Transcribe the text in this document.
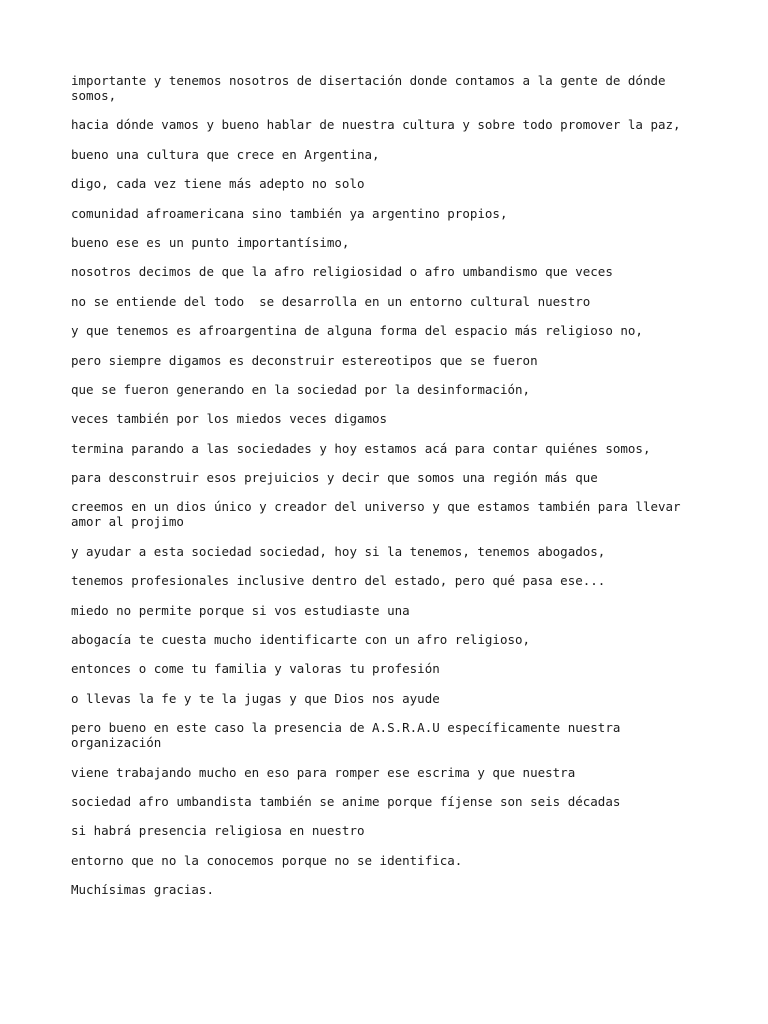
importante y tenemos nosotros de disertación donde contamos a la gente de dónde somos,

hacia dónde vamos y bueno hablar de nuestra cultura y sobre todo promover la paz,

bueno una cultura que crece en Argentina,

digo, cada vez tiene más adepto no solo

comunidad afroamericana sino también ya argentino propios,

bueno ese es un punto importantísimo,

nosotros decimos de que la afro religiosidad o afro umbandismo que veces

no se entiende del todo  se desarrolla en un entorno cultural nuestro

y que tenemos es afroargentina de alguna forma del espacio más religioso no,

pero siempre digamos es deconstruir estereotipos que se fueron

que se fueron generando en la sociedad por la desinformación,

veces también por los miedos veces digamos

termina parando a las sociedades y hoy estamos acá para contar quiénes somos,

para desconstruir esos prejuicios y decir que somos una región más que

creemos en un dios único y creador del universo y que estamos también para llevar amor al projimo

y ayudar a esta sociedad sociedad, hoy si la tenemos, tenemos abogados,

tenemos profesionales inclusive dentro del estado, pero qué pasa ese...

miedo no permite porque si vos estudiaste una

abogacía te cuesta mucho identificarte con un afro religioso,

entonces o come tu familia y valoras tu profesión

o llevas la fe y te la jugas y que Dios nos ayude

pero bueno en este caso la presencia de A.S.R.A.U específicamente nuestra organización

viene trabajando mucho en eso para romper ese escrima y que nuestra

sociedad afro umbandista también se anime porque fíjense son seis décadas

si habrá presencia religiosa en nuestro

entorno que no la conocemos porque no se identifica.

Muchísimas gracias.
